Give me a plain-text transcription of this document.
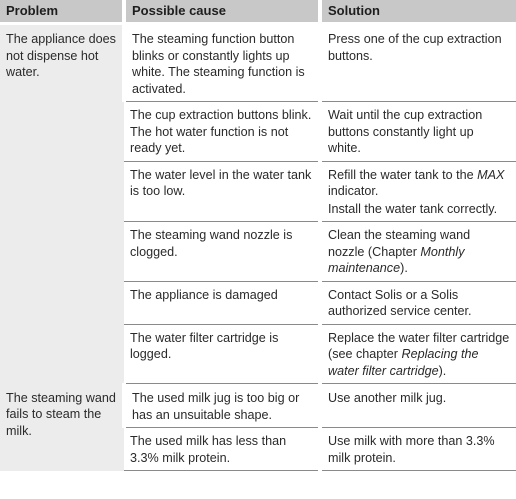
Problem	Possible cause	Solution
The appliance does not dispense hot water.	The steaming function button blinks or constantly lights up white. The steaming function is activated.	Press one of the cup extraction buttons.

	The cup extraction buttons blink. The hot water function is not ready yet.	Wait until the cup extraction buttons constantly light up white.

	The water level in the water tank is too low.	Refill the water tank to the MAX indicator.
Install the water tank correctly.

	The steaming wand nozzle is clogged.	Clean the steaming wand nozzle (Chapter Monthly maintenance).

	The appliance is damaged	Contact Solis or a Solis authorized service center.

	The water filter cartridge is logged.	Replace the water filter cartridge (see chapter Replacing the water filter cartridge).

The steaming wand fails to steam the milk.	The used milk jug is too big or has an unsuitable shape.	Use another milk jug.

	The used milk has less than 3.3% milk protein.	Use milk with more than 3.3% milk protein.
